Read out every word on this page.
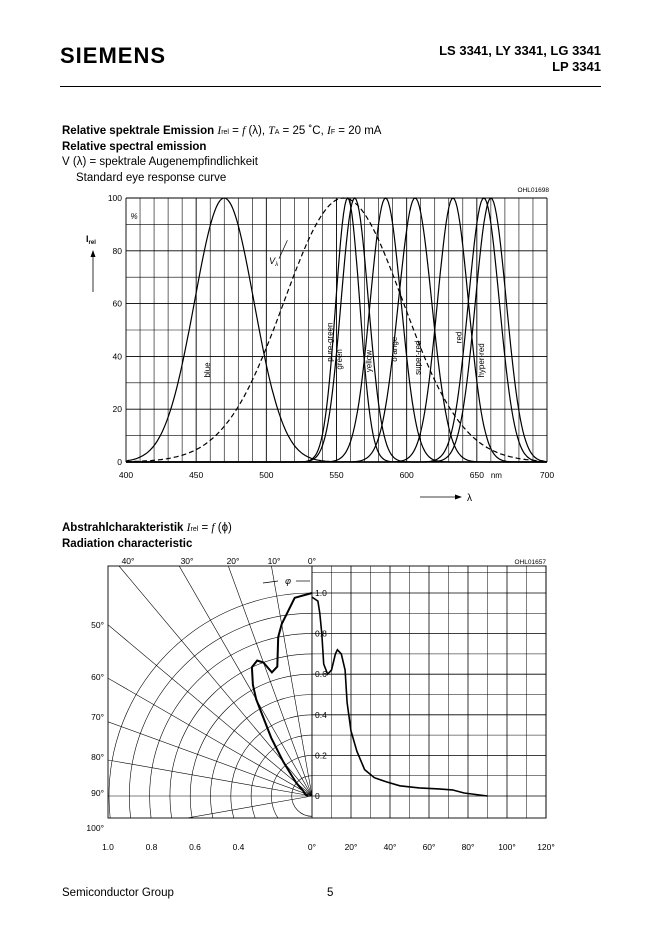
SIEMENS	LS 3341, LY 3341, LG 3341
LP 3341
Relative spektrale Emission Irel = f (λ), TA = 25 ˚C, IF = 20 mA
Relative spectral emission
V (λ) = spektrale Augenempfindlichkeit
Standard eye response curve
OHL01698
0
20
40
60
80
100
400	450	500	550	600	650	700
%
nm
$I_{rel}$
λ
blue
pure-green green	yellow orange super-red
red
hyper-red
$V_\lambda$
Abstrahlcharakteristik Irel = f (ϕ)
Radiation characteristic
OHL01657
40°	30°	20°	10°	0°
50°
60°
70°
80°
90°
100°
φ
1.0
0.8
0.6
0.4
0.2
0
1.0	0.8	0.6	0.4	0°	20°	40°	60°	80°	100°	120°
Semiconductor Group	5
